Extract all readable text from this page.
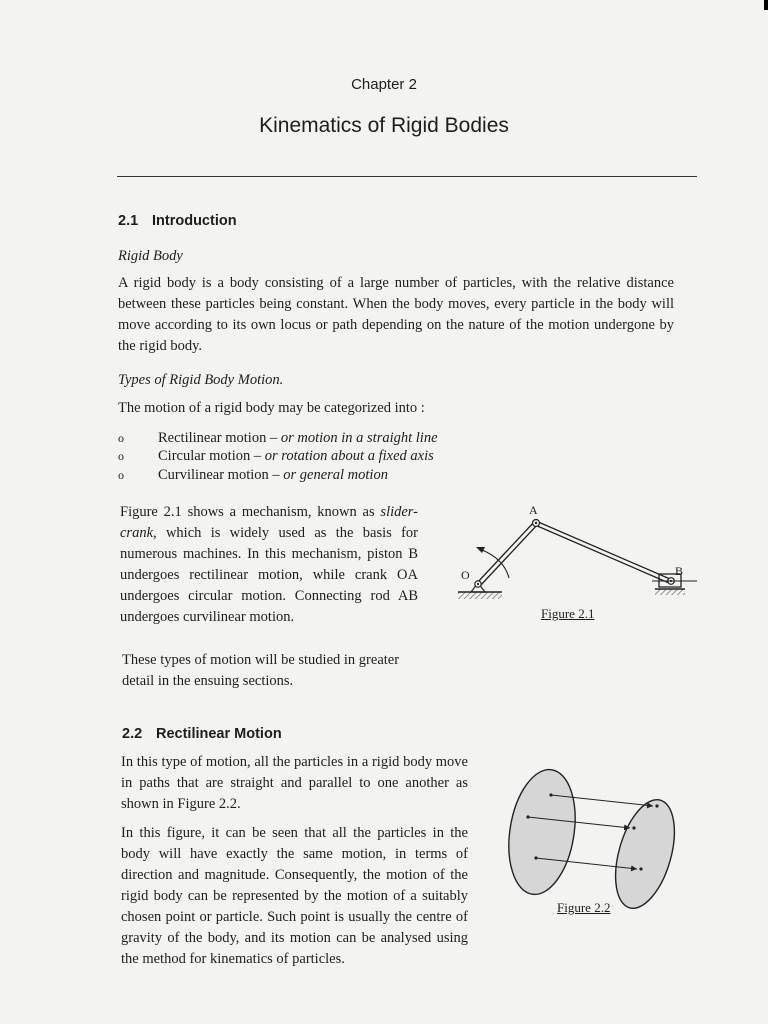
Chapter 2
Kinematics of Rigid Bodies
2.1 Introduction
Rigid Body
A rigid body is a body consisting of a large number of particles, with the relative distance between these particles being constant. When the body moves, every particle in the body will move according to its own locus or path depending on the nature of the motion undergone by the rigid body.
Types of Rigid Body Motion.
The motion of a rigid body may be categorized into :
o Rectilinear motion – or motion in a straight line
o Circular motion – or rotation about a fixed axis
o Curvilinear motion – or general motion
Figure 2.1 shows a mechanism, known as slider-crank, which is widely used as the basis for numerous machines. In this mechanism, piston B undergoes rectilinear motion, while crank OA undergoes circular motion. Connecting rod AB undergoes curvilinear motion.
These types of motion will be studied in greater detail in the ensuing sections.
A
B
O
Figure 2.1
2.2 Rectilinear Motion
In this type of motion, all the particles in a rigid body move in paths that are straight and parallel to one another as shown in Figure 2.2.
In this figure, it can be seen that all the particles in the body will have exactly the same motion, in terms of direction and magnitude. Consequently, the motion of the rigid body can be represented by the motion of a suitably chosen point or particle. Such point is usually the centre of gravity of the body, and its motion can be analysed using the method for kinematics of particles.
Figure 2.2
